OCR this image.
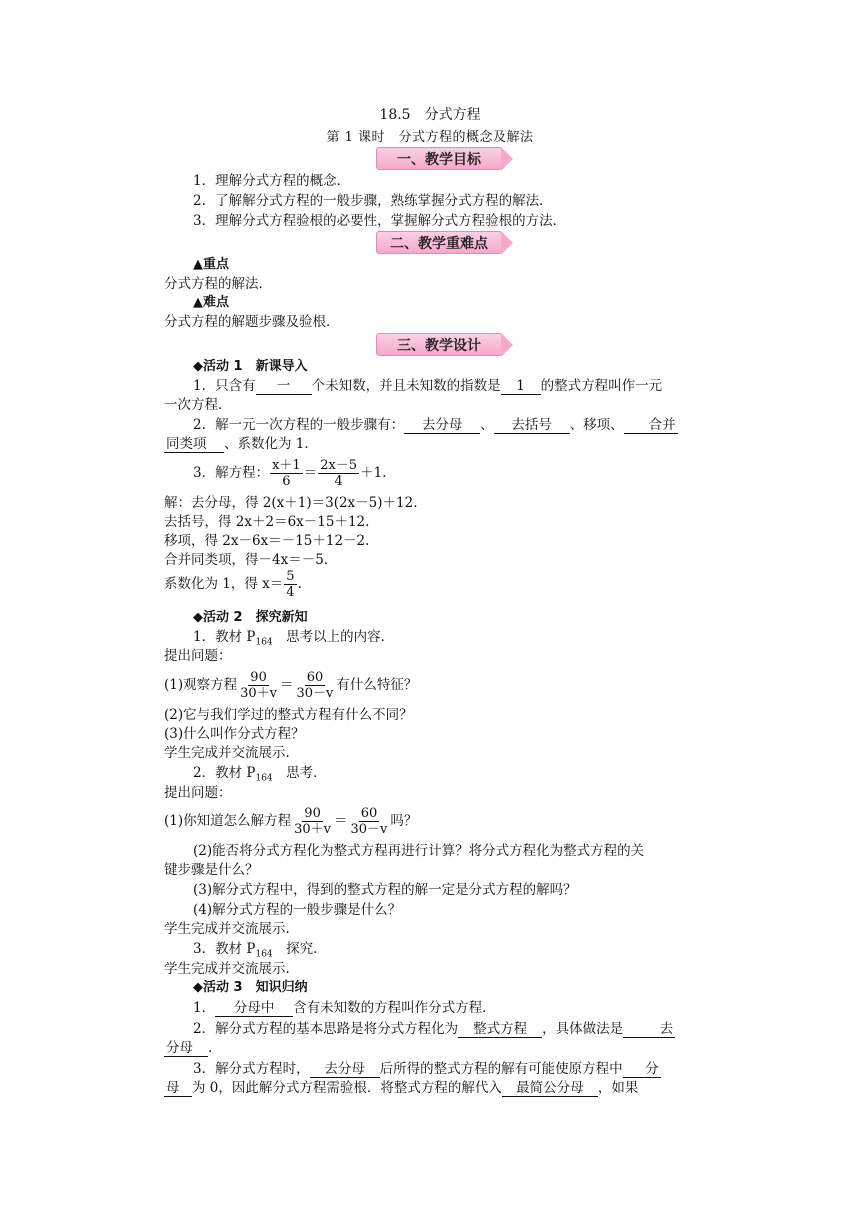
18.5　分式方程
第 1 课时　分式方程的概念及解法
一、教学目标
1．理解分式方程的概念．
2．了解解分式方程的一般步骤，熟练掌握分式方程的解法．
3．理解分式方程验根的必要性，掌握解分式方程验根的方法．
二、教学重难点
▲重点
分式方程的解法．
▲难点
分式方程的解题步骤及验根．
三、教学设计
◆活动 1　新课导入
1．只含有 一 个未知数，并且未知数的指数是 1 的整式方程叫作一元
一次方程．
2．解一元一次方程的一般步骤有： 去分母 、 去括号 、移项、 合并
同类项 、系数化为 1.
3．解方程： $\frac{x+1}{6} = \frac{2x-5}{4} +1$.
解：去分母，得 2(x＋1)＝3(2x－5)＋12.
去括号，得 2x＋2＝6x－15＋12.
移项，得 2x－6x＝－15＋12－2.
合并同类项，得－4x＝－5.
系数化为 1，得 $x= \frac{5}{4}$ .
◆活动 2　探究新知
1．教材 $P_{164}$　思考以上的内容．
提出问题：
(1)观察方程 $\frac{90}{30+v} = \frac{60}{30-v}$ 有什么特征？
(2)它与我们学过的整式方程有什么不同？
(3)什么叫作分式方程？
学生完成并交流展示．
2．教材 $P_{164}$　思考．
提出问题：
(1)你知道怎么解方程 $\frac{90}{30+v} = \frac{60}{30-v}$ 吗？
(2)能否将分式方程化为整式方程再进行计算？将分式方程化为整式方程的关
键步骤是什么？
(3)解分式方程中，得到的整式方程的解一定是分式方程的解吗？
(4)解分式方程的一般步骤是什么？
学生完成并交流展示．
3．教材 $P_{164}$　探究．
学生完成并交流展示．
◆活动 3　知识归纳
1． 分母中 含有未知数的方程叫作分式方程．
2．解分式方程的基本思路是将分式方程化为 整式方程 ，具体做法是	去
分母 .
3．解分式方程时， 去分母 后所得的整式方程的解有可能使原方程中 分
母 为 0，因此解分式方程需验根．将整式方程的解代入 最简公分母 ，如果
